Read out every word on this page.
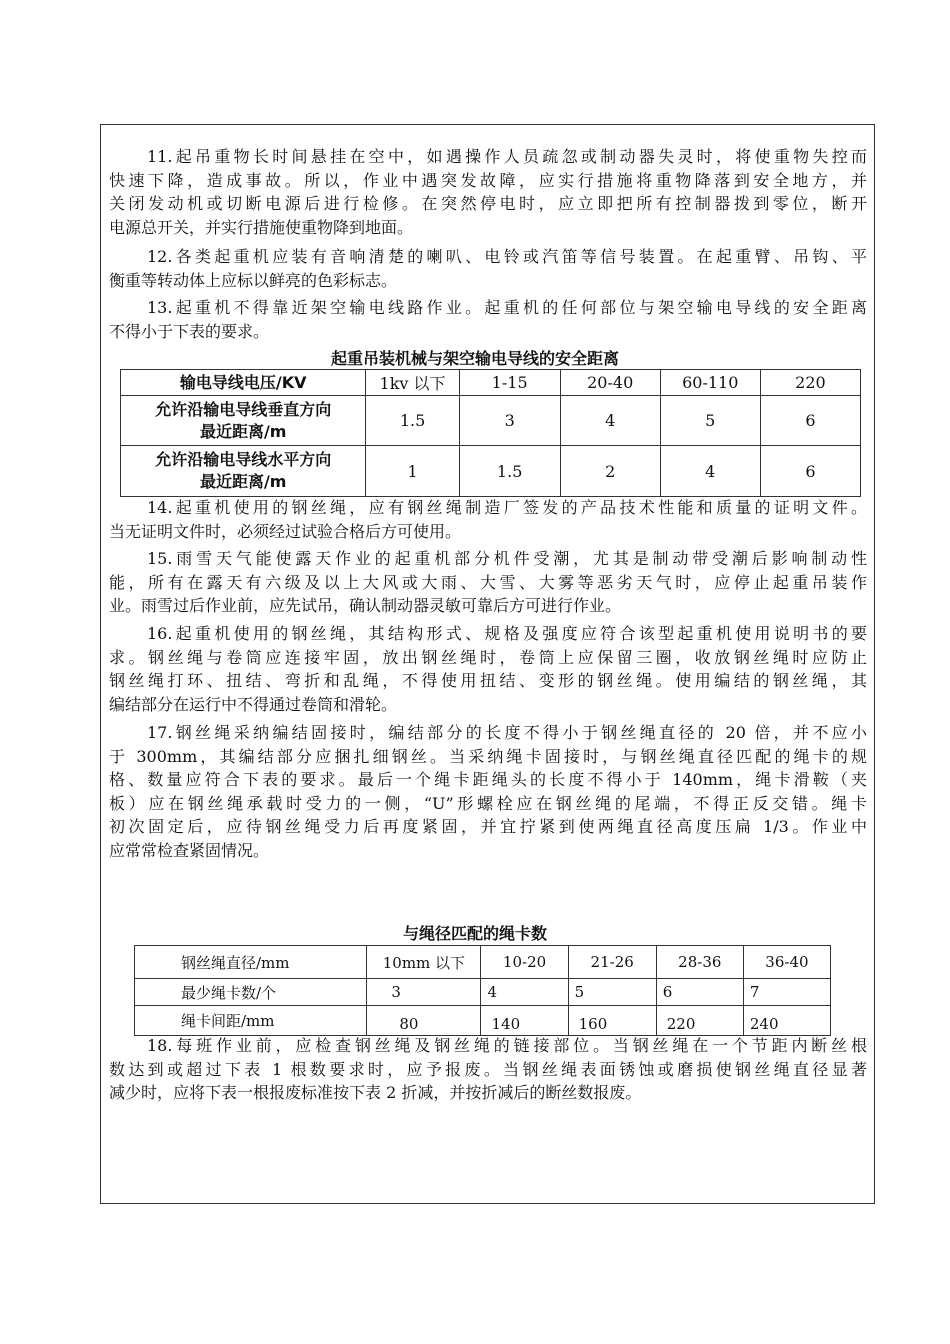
11.起吊重物长时间悬挂在空中，如遇操作人员疏忽或制动器失灵时，将使重物失控而
快速下降，造成事故。所以，作业中遇突发故障，应实行措施将重物降落到安全地方，并
关闭发动机或切断电源后进行检修。在突然停电时，应立即把所有控制器拨到零位，断开
电源总开关，并实行措施使重物降到地面。

12.各类起重机应装有音响清楚的喇叭、电铃或汽笛等信号装置。在起重臂、吊钩、平
衡重等转动体上应标以鲜亮的色彩标志。

13.起重机不得靠近架空输电线路作业。起重机的任何部位与架空输电导线的安全距离
不得小于下表的要求。

起重吊装机械与架空输电导线的安全距离
输电导线电压/KV	1kv 以下	1-15	20-40	60-110	220

允许沿输电导线垂直方向
最近距离/m	1.5	3	4	5	6

允许沿输电导线水平方向
最近距离/m	1	1.5	2	4	6

14.起重机使用的钢丝绳，应有钢丝绳制造厂签发的产品技术性能和质量的证明文件。
当无证明文件时，必须经过试验合格后方可使用。

15.雨雪天气能使露天作业的起重机部分机件受潮，尤其是制动带受潮后影响制动性
能，所有在露天有六级及以上大风或大雨、大雪、大雾等恶劣天气时，应停止起重吊装作
业。雨雪过后作业前，应先试吊，确认制动器灵敏可靠后方可进行作业。

16.起重机使用的钢丝绳，其结构形式、规格及强度应符合该型起重机使用说明书的要
求。钢丝绳与卷筒应连接牢固，放出钢丝绳时，卷筒上应保留三圈，收放钢丝绳时应防止
钢丝绳打环、扭结、弯折和乱绳，不得使用扭结、变形的钢丝绳。使用编结的钢丝绳，其
编结部分在运行中不得通过卷筒和滑轮。

17.钢丝绳采纳编结固接时，编结部分的长度不得小于钢丝绳直径的 20 倍，并不应小
于 300mm，其编结部分应捆扎细钢丝。当采纳绳卡固接时，与钢丝绳直径匹配的绳卡的规
格、数量应符合下表的要求。最后一个绳卡距绳头的长度不得小于 140mm，绳卡滑鞍（夹
板）应在钢丝绳承载时受力的一侧，“U”形螺栓应在钢丝绳的尾端，不得正反交错。绳卡
初次固定后，应待钢丝绳受力后再度紧固，并宜拧紧到使两绳直径高度压扁 1/3。作业中
应常常检查紧固情况。

与绳径匹配的绳卡数
钢丝绳直径/mm	10mm 以下	10-20	21-26	28-36	36-40
最少绳卡数/个	3	4	5	6	7
绳卡间距/mm	80	140	160	220	240

18.每班作业前，应检查钢丝绳及钢丝绳的链接部位。当钢丝绳在一个节距内断丝根
数达到或超过下表 1 根数要求时，应予报废。当钢丝绳表面锈蚀或磨损使钢丝绳直径显著
减少时，应将下表一根报废标准按下表 2 折减，并按折减后的断丝数报废。
